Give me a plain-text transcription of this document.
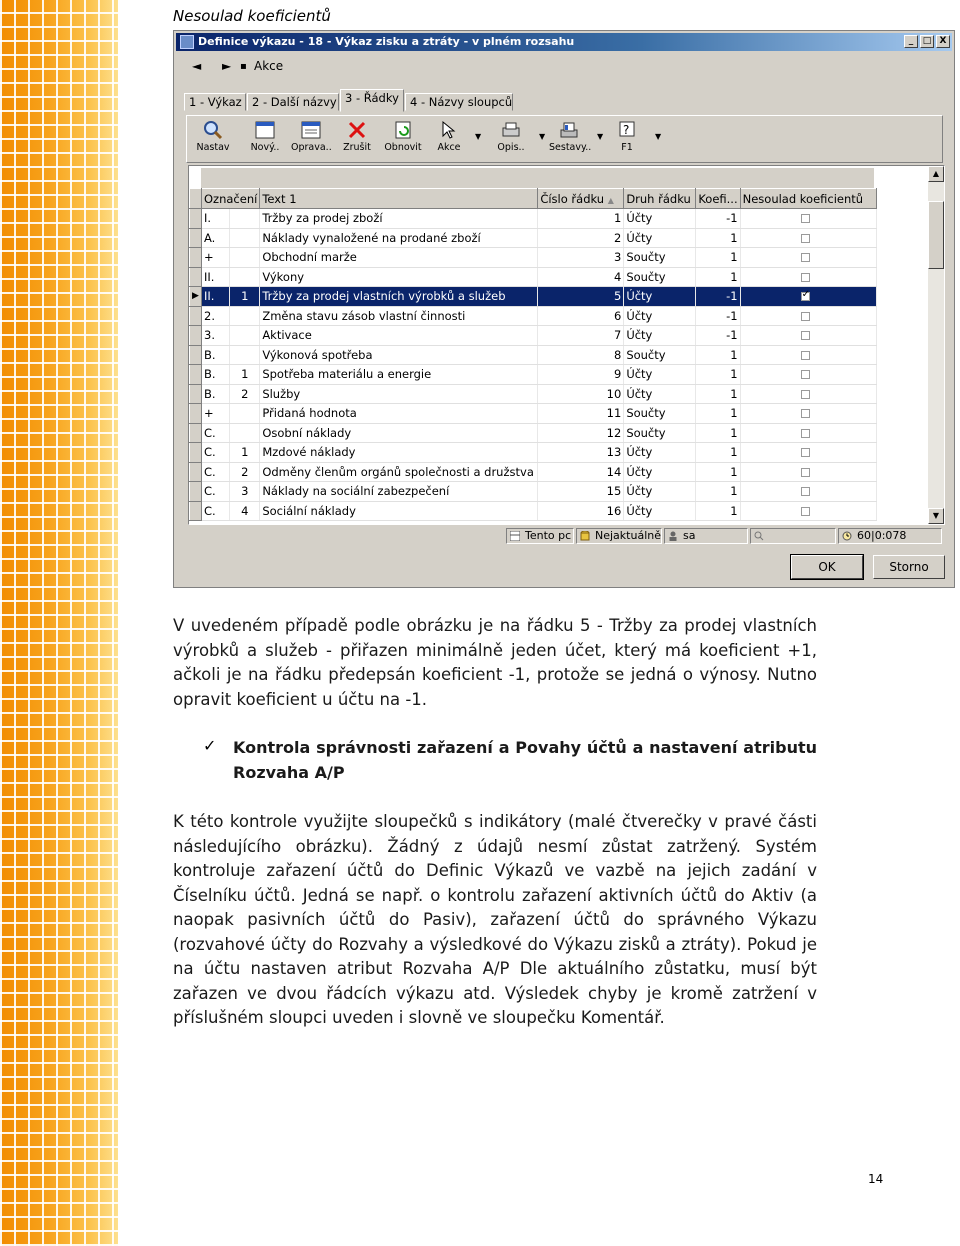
Nesoulad koeficientů
Definice výkazu - 18 - Výkaz zisku a ztráty - v plném rozsahu	_	□ X
◄ ► ▪ Akce
1 - Výkaz 2 - Další názvy 3 - Řádky 4 - Názvy sloupců
Nastav	Nový..	Oprava..	Zrušit	Obnovit	Akce
▼
Opis..
▼
Sestavy..
▼ ?
F1
▼
	Označení		Text 1	Číslo řádku ▲	Druh řádku	Koefi...	Nesoulad koeficientů
	I.		Tržby za prodej zboží	1	Účty	-1	
	A.		Náklady vynaložené na prodané zboží	2	Účty	1	
	+		Obchodní marže	3	Součty	1	
	II.		Výkony	4	Součty	1	
▶	II.	1	Tržby za prodej vlastních výrobků a služeb	5	Účty	-1	✓
	2.		Změna stavu zásob vlastní činnosti	6	Účty	-1	
	3.		Aktivace	7	Účty	-1	
	B.		Výkonová spotřeba	8	Součty	1	
	B.	1	Spotřeba materiálu a energie	9	Účty	1	
	B.	2	Služby	10	Účty	1	
	+		Přidaná hodnota	11	Součty	1	
	C.		Osobní náklady	12	Součty	1	
	C.	1	Mzdové náklady	13	Účty	1	
	C.	2	Odměny členům orgánů společnosti a družstva	14	Účty	1	
	C.	3	Náklady na sociální zabezpečení	15	Účty	1	
	C.	4	Sociální náklady	16	Účty	1	
▲
▼
Tento pc	Nejaktuálně	sa	60|0:078
OK	Storno
V uvedeném případě podle obrázku je na řádku 5 - Tržby za prodej vlastních výrobků a služeb - přiřazen minimálně jeden účet, který má koeficient +1, ačkoli je na řádku předepsán koeficient -1, protože se jedná o výnosy. Nutno opravit koeficient u účtu na -1.
✓ Kontrola správnosti zařazení a Povahy účtů a nastavení atributu Rozvaha A/P
K této kontrole využijte sloupečků s indikátory (malé čtverečky v pravé části následujícího obrázku). Žádný z údajů nesmí zůstat zatržený. Systém kontroluje zařazení účtů do Definic Výkazů ve vazbě na jejich zadání v Číselníku účtů. Jedná se např. o kontrolu zařazení aktivních účtů do Aktiv (a naopak pasivních účtů do Pasiv), zařazení účtů do správného Výkazu (rozvahové účty do Rozvahy a výsledkové do Výkazu zisků a ztráty). Pokud je na účtu nastaven atribut Rozvaha A/P Dle aktuálního zůstatku, musí být zařazen ve dvou řádcích výkazu atd. Výsledek chyby je kromě zatržení v příslušném sloupci uveden i slovně ve sloupečku Komentář.
14
